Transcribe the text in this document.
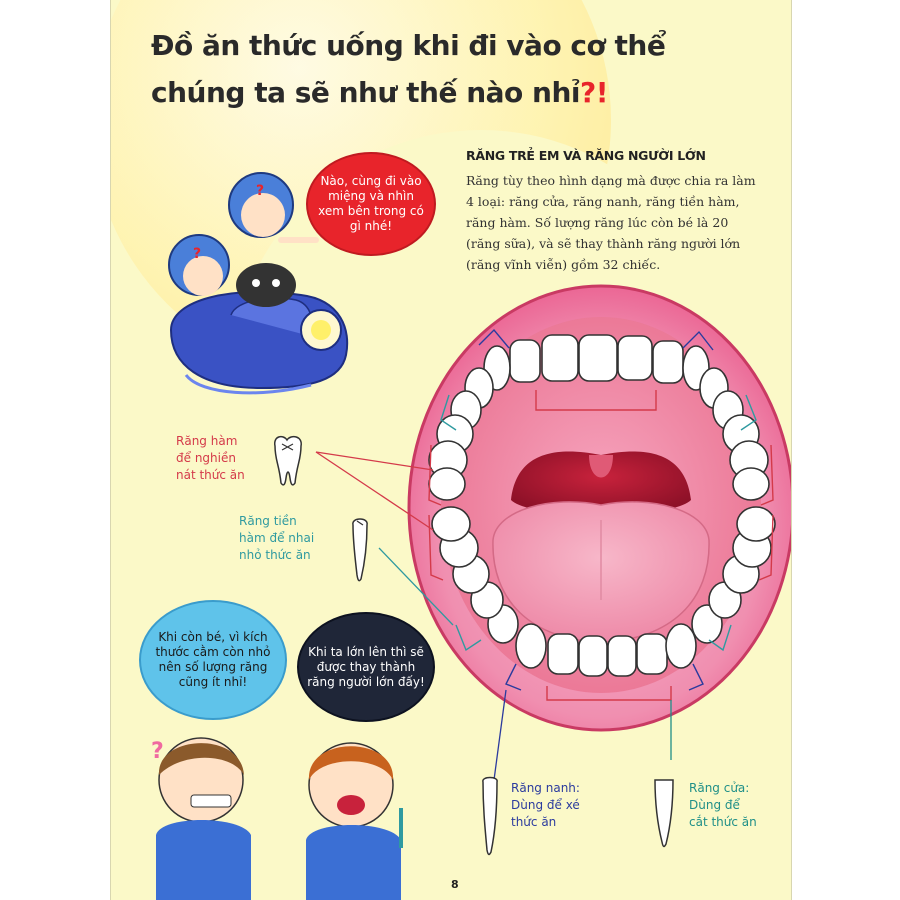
?
?
?
Đồ ăn thức uống khi đi vào cơ thể
chúng ta sẽ như thế nào nhỉ?!
RĂNG TRẺ EM VÀ RĂNG NGƯỜI LỚN

Răng tùy theo hình dạng mà được chia ra làm 4 loại: răng cửa, răng nanh, răng tiền hàm, răng hàm. Số lượng răng lúc còn bé là 20 (răng sữa), và sẽ thay thành răng người lớn (răng vĩnh viễn) gồm 32 chiếc.

Nào, cùng đi vào miệng và nhìn xem bên trong có gì nhé!
Khi còn bé, vì kích thước cằm còn nhỏ nên số lượng răng cũng ít nhỉ!
Khi ta lớn lên thì sẽ được thay thành răng người lớn đấy!

Răng hàm
để nghiền
nát thức ăn

Răng tiền
hàm để nhai
nhỏ thức ăn

Răng nanh:
Dùng để xé
thức ăn

Răng cửa:
Dùng để
cắt thức ăn

8
